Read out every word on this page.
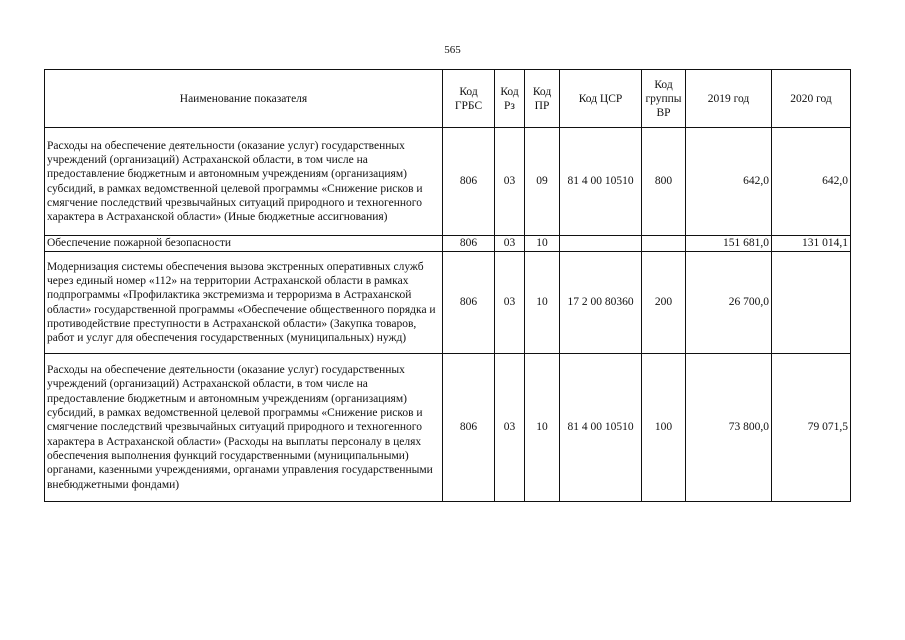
565
Наименование показателя	Код ГРБС	Код Рз	Код ПР	Код ЦСР	Код группы ВР	2019 год	2020 год
Расходы на обеспечение деятельности (оказание услуг) государственных учреждений (организаций) Астраханской области, в том числе на предоставление бюджетным и автономным учреждениям (организациям) субсидий, в рамках ведомственной целевой программы «Снижение рисков и смягчение последствий чрезвычайных ситуаций природного и техногенного характера в Астраханской области» (Иные бюджетные ассигнования)	806	03	09	81 4 00 10510	800	642,0	642,0
Обеспечение пожарной безопасности	806	03	10			151 681,0	131 014,1
Модернизация системы обеспечения вызова экстренных оперативных служб через единый номер «112» на территории Астраханской области в рамках подпрограммы «Профилактика экстремизма и терроризма в Астраханской области» государственной программы «Обеспечение общественного порядка и противодействие преступности в Астраханской области» (Закупка товаров, работ и услуг для обеспечения государственных (муниципальных) нужд)	806	03	10	17 2 00 80360	200	26 700,0	
Расходы на обеспечение деятельности (оказание услуг) государственных учреждений (организаций) Астраханской области, в том числе на предоставление бюджетным и автономным учреждениям (организациям) субсидий, в рамках ведомственной целевой программы «Снижение рисков и смягчение последствий чрезвычайных ситуаций природного и техногенного характера в Астраханской области» (Расходы на выплаты персоналу в целях обеспечения выполнения функций государственными (муниципальными) органами, казенными учреждениями, органами управления государственными внебюджетными фондами)	806	03	10	81 4 00 10510	100	73 800,0	79 071,5
